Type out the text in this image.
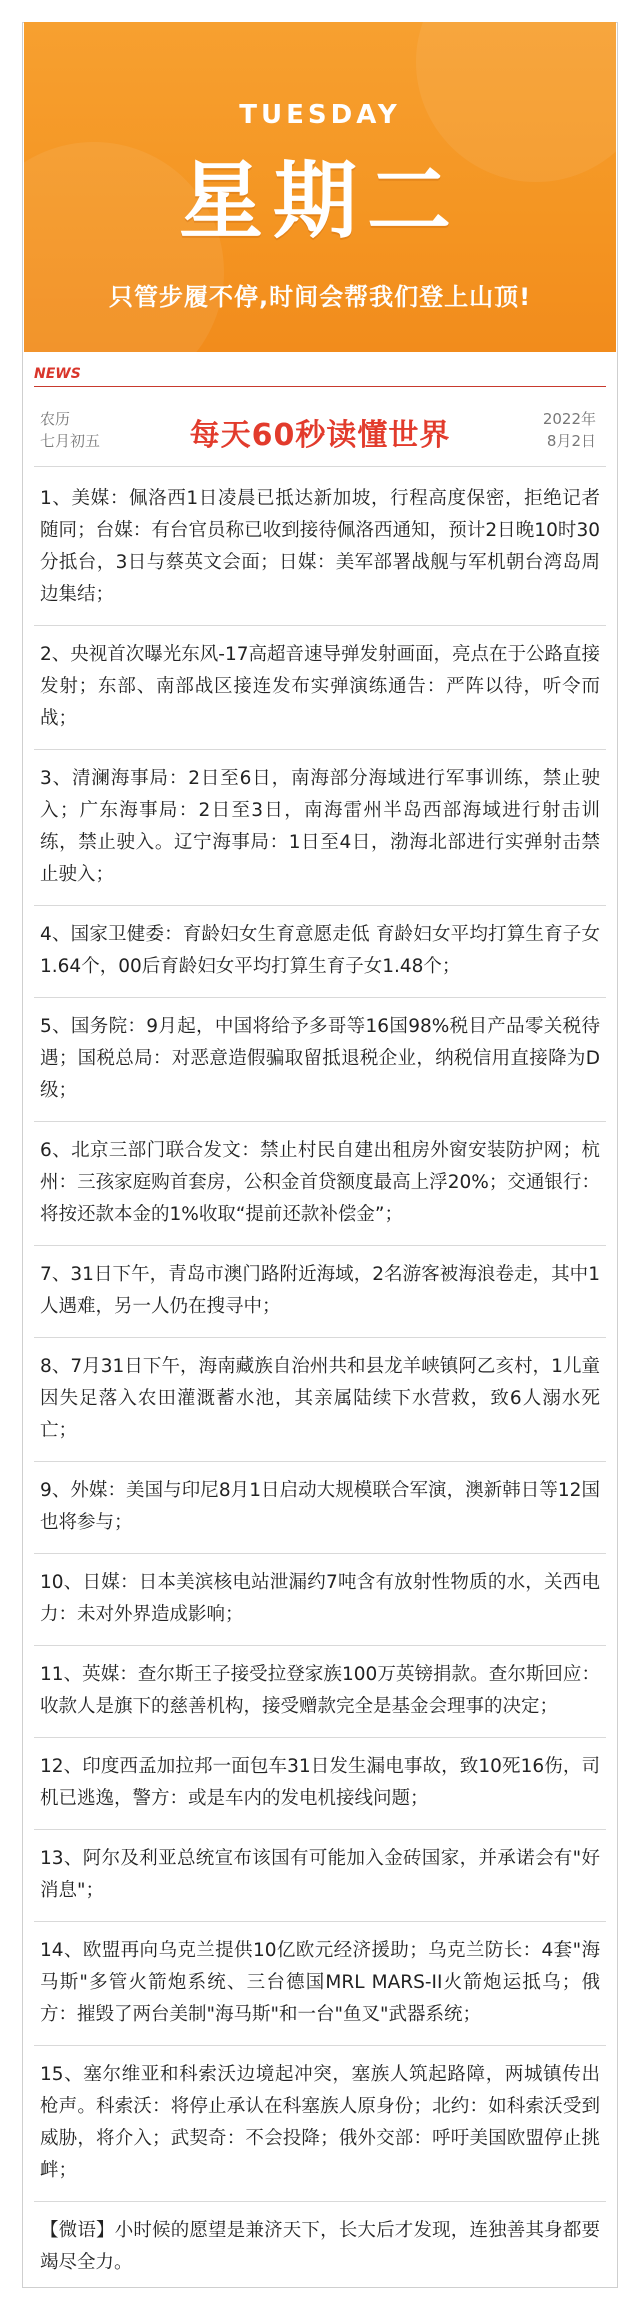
TUESDAY
星期二
只管步履不停,时间会帮我们登上山顶!
NEWS
农历
七月初五	每天60秒读懂世界	2022年
8月2日
1、美媒：佩洛西1日凌晨已抵达新加坡，行程高度保密，拒绝记者随同；台媒：有台官员称已收到接待佩洛西通知，预计2日晚10时30分抵台，3日与蔡英文会面；日媒：美军部署战舰与军机朝台湾岛周边集结；
2、央视首次曝光东风-17高超音速导弹发射画面，亮点在于公路直接发射；东部、南部战区接连发布实弹演练通告：严阵以待，听令而战；
3、清澜海事局：2日至6日，南海部分海域进行军事训练，禁止驶入；广东海事局：2日至3日，南海雷州半岛西部海域进行射击训练，禁止驶入。辽宁海事局：1日至4日，渤海北部进行实弹射击禁止驶入；
4、国家卫健委：育龄妇女生育意愿走低 育龄妇女平均打算生育子女1.64个，00后育龄妇女平均打算生育子女1.48个；
5、国务院：9月起，中国将给予多哥等16国98%税目产品零关税待遇；国税总局：对恶意造假骗取留抵退税企业，纳税信用直接降为D级；
6、北京三部门联合发文：禁止村民自建出租房外窗安装防护网；杭州：三孩家庭购首套房，公积金首贷额度最高上浮20%；交通银行：将按还款本金的1%收取“提前还款补偿金”；
7、31日下午，青岛市澳门路附近海域，2名游客被海浪卷走，其中1人遇难，另一人仍在搜寻中；
8、7月31日下午，海南藏族自治州共和县龙羊峡镇阿乙亥村，1儿童因失足落入农田灌溉蓄水池，其亲属陆续下水营救，致6人溺水死亡；
9、外媒：美国与印尼8月1日启动大规模联合军演，澳新韩日等12国也将参与；
10、日媒：日本美滨核电站泄漏约7吨含有放射性物质的水，关西电力：未对外界造成影响；
11、英媒：查尔斯王子接受拉登家族100万英镑捐款。查尔斯回应：收款人是旗下的慈善机构，接受赠款完全是基金会理事的决定；
12、印度西孟加拉邦一面包车31日发生漏电事故，致10死16伤，司机已逃逸，警方：或是车内的发电机接线问题；
13、阿尔及利亚总统宣布该国有可能加入金砖国家，并承诺会有"好消息"；
14、欧盟再向乌克兰提供10亿欧元经济援助；乌克兰防长：4套"海马斯"多管火箭炮系统、三台德国MRL MARS-II火箭炮运抵乌；俄方：摧毁了两台美制"海马斯"和一台"鱼叉"武器系统；
15、塞尔维亚和科索沃边境起冲突，塞族人筑起路障，两城镇传出枪声。科索沃：将停止承认在科塞族人原身份；北约：如科索沃受到威胁，将介入；武契奇：不会投降；俄外交部：呼吁美国欧盟停止挑衅；
【微语】小时候的愿望是兼济天下，长大后才发现，连独善其身都要竭尽全力。
